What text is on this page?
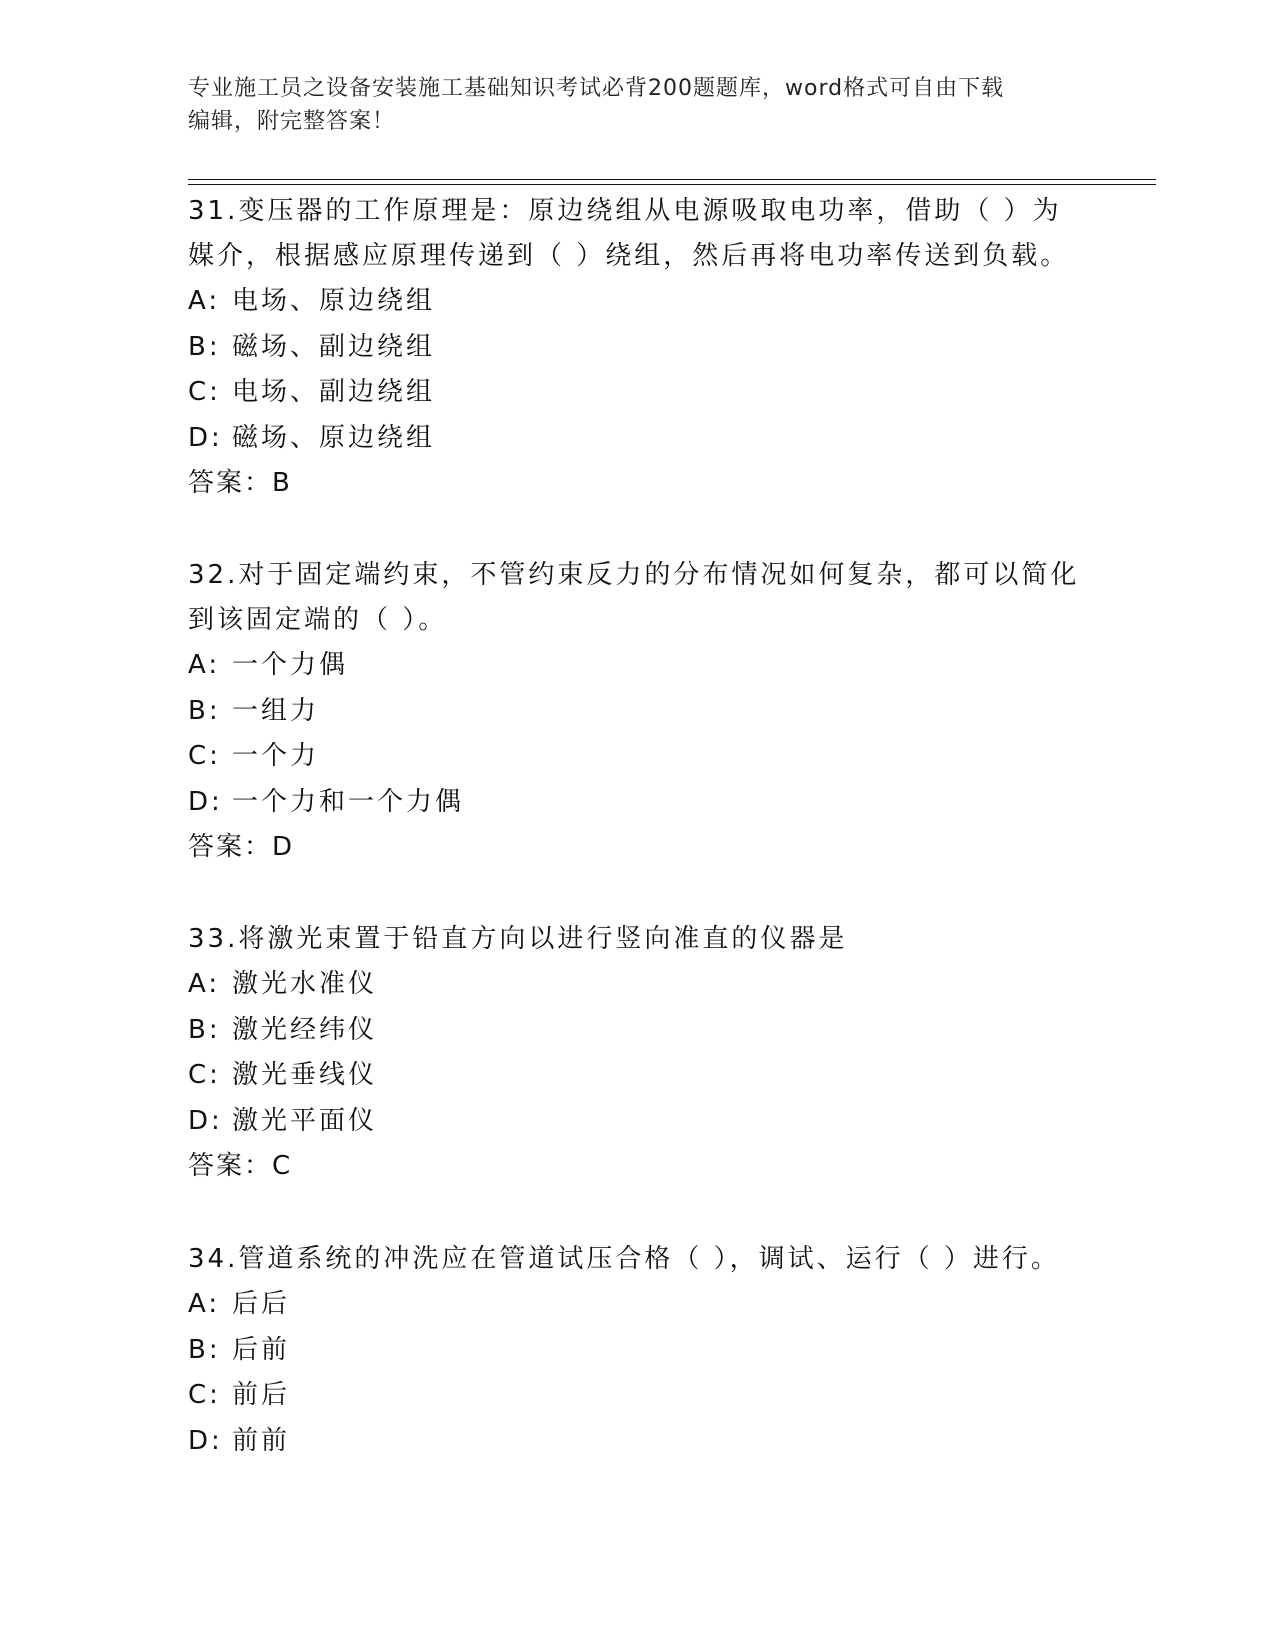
专业施工员之设备安装施工基础知识考试必背200题题库，word格式可自由下载
编辑，附完整答案！

31.变压器的工作原理是：原边绕组从电源吸取电功率，借助（ ）为

媒介，根据感应原理传递到（ ）绕组，然后再将电功率传送到负载。

A: 电场、原边绕组
B: 磁场、副边绕组
C: 电场、副边绕组
D: 磁场、原边绕组

答案：B

32.对于固定端约束，不管约束反力的分布情况如何复杂，都可以简化

到该固定端的（ ）。

A: 一个力偶
B: 一组力
C: 一个力
D: 一个力和一个力偶

答案：D

33.将激光束置于铅直方向以进行竖向准直的仪器是

A: 激光水准仪
B: 激光经纬仪
C: 激光垂线仪
D: 激光平面仪

答案：C

34.管道系统的冲洗应在管道试压合格（ ），调试、运行（ ）进行。

A: 后后
B: 后前
C: 前后
D: 前前
